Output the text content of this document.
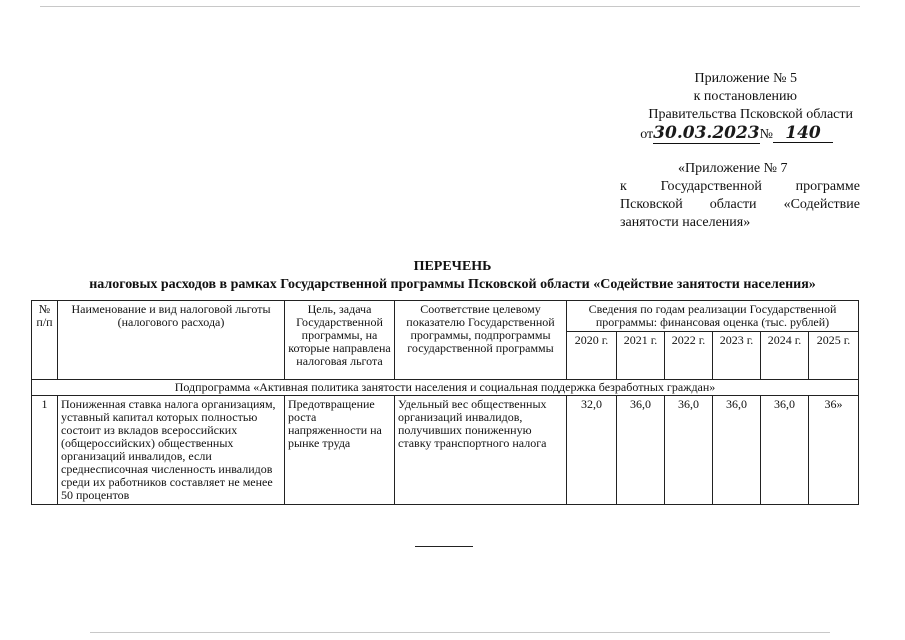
Приложение № 5
к постановлению
Правительства Псковской области
от30.03.2023№ 140
«Приложение № 7
к Государственной программе
Псковской области «Содействие
занятости населения»
ПЕРЕЧЕНЬ
налоговых расходов в рамках Государственной программы Псковской области «Содействие занятости населения»
№ п/п	Наименование и вид налоговой льготы (налогового расхода)	Цель, задача Государственной программы, на которые направлена налоговая льгота	Соответствие целевому показателю Государственной программы, подпрограммы государственной программы	Сведения по годам реализации Государственной программы: финансовая оценка (тыс. рублей)					
				2020 г.	2021 г.	2022 г.	2023 г.	2024 г.	2025 г.
Подпрограмма «Активная политика занятости населения и социальная поддержка безработных граждан»									
1	Пониженная ставка налога организациям, уставный капитал которых полностью состоит из вкладов всероссийских (общероссийских) общественных организаций инвалидов, если среднесписочная численность инвалидов среди их работников составляет не менее 50 процентов	Предотвращение роста напряженности на рынке труда	Удельный вес общественных организаций инвалидов, получивших пониженную ставку транспортного налога	32,0	36,0	36,0	36,0	36,0	36»
